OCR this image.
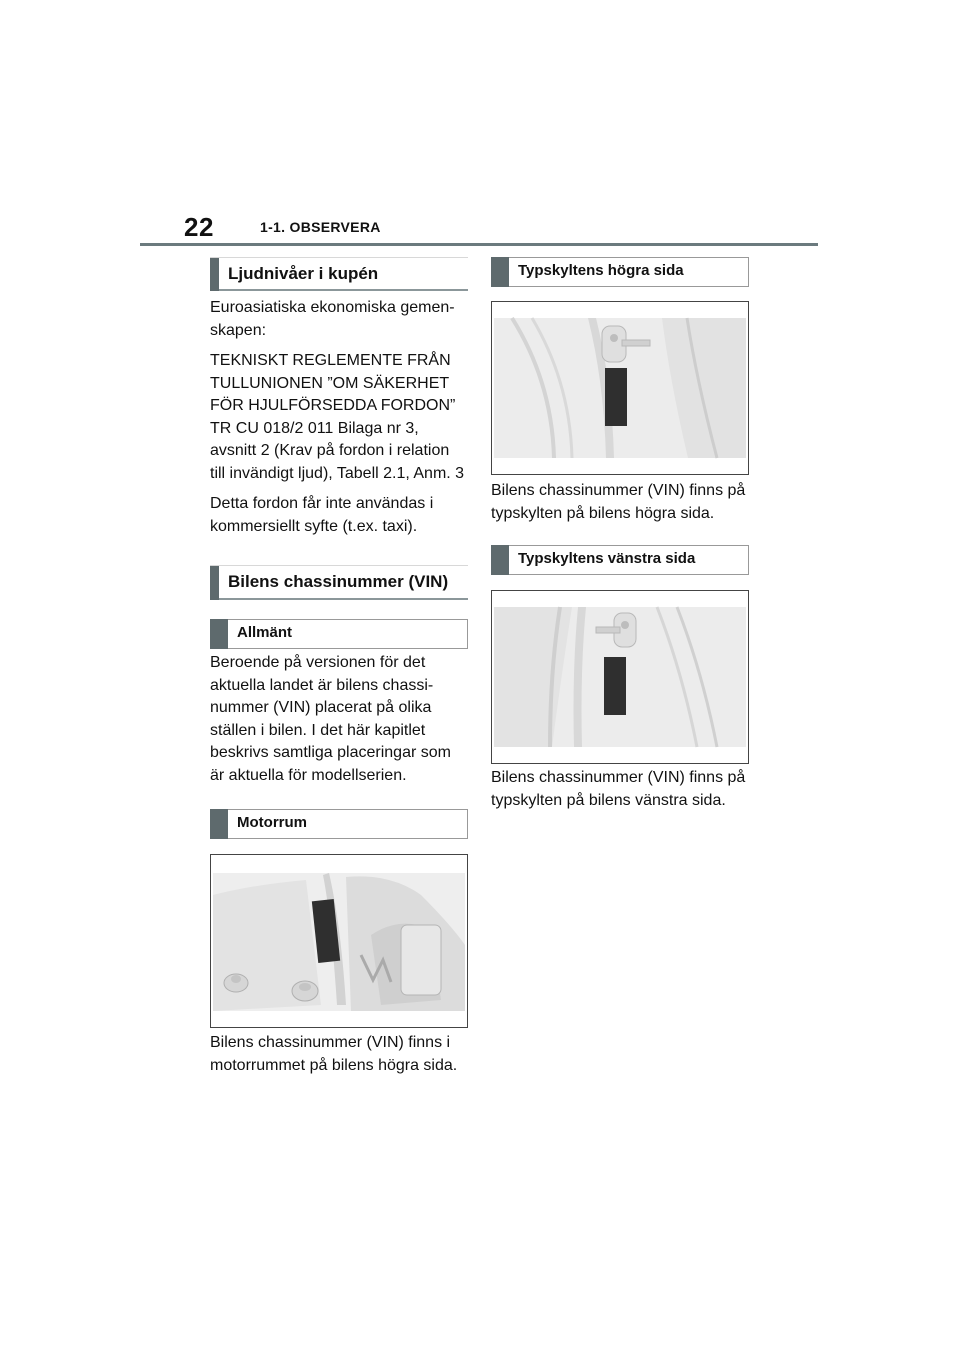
22	1-1. OBSERVERA
Ljudnivåer i kupén

Euroasiatiska ekonomiska gemen-skapen:

TEKNISKT REGLEMENTE FRÅN TULLUNIONEN ”OM SÄKERHET FÖR HJULFÖRSEDDA FORDON” TR CU 018/2 011 Bilaga nr 3, avsnitt 2 (Krav på fordon i relation till invändigt ljud), Tabell 2.1, Anm. 3

Detta fordon får inte användas i kommersiellt syfte (t.ex. taxi).

Bilens chassinummer (VIN)
Allmänt

Beroende på versionen för det aktuella landet är bilens chassi-nummer (VIN) placerat på olika ställen i bilen. I det här kapitlet beskrivs samtliga placeringar som är aktuella för modellserien.

Motorrum

Bilens chassinummer (VIN) finns i motorrummet på bilens högra sida.

Typskyltens högra sida

Bilens chassinummer (VIN) finns på typskylten på bilens högra sida.

Typskyltens vänstra sida

Bilens chassinummer (VIN) finns på typskylten på bilens vänstra sida.
